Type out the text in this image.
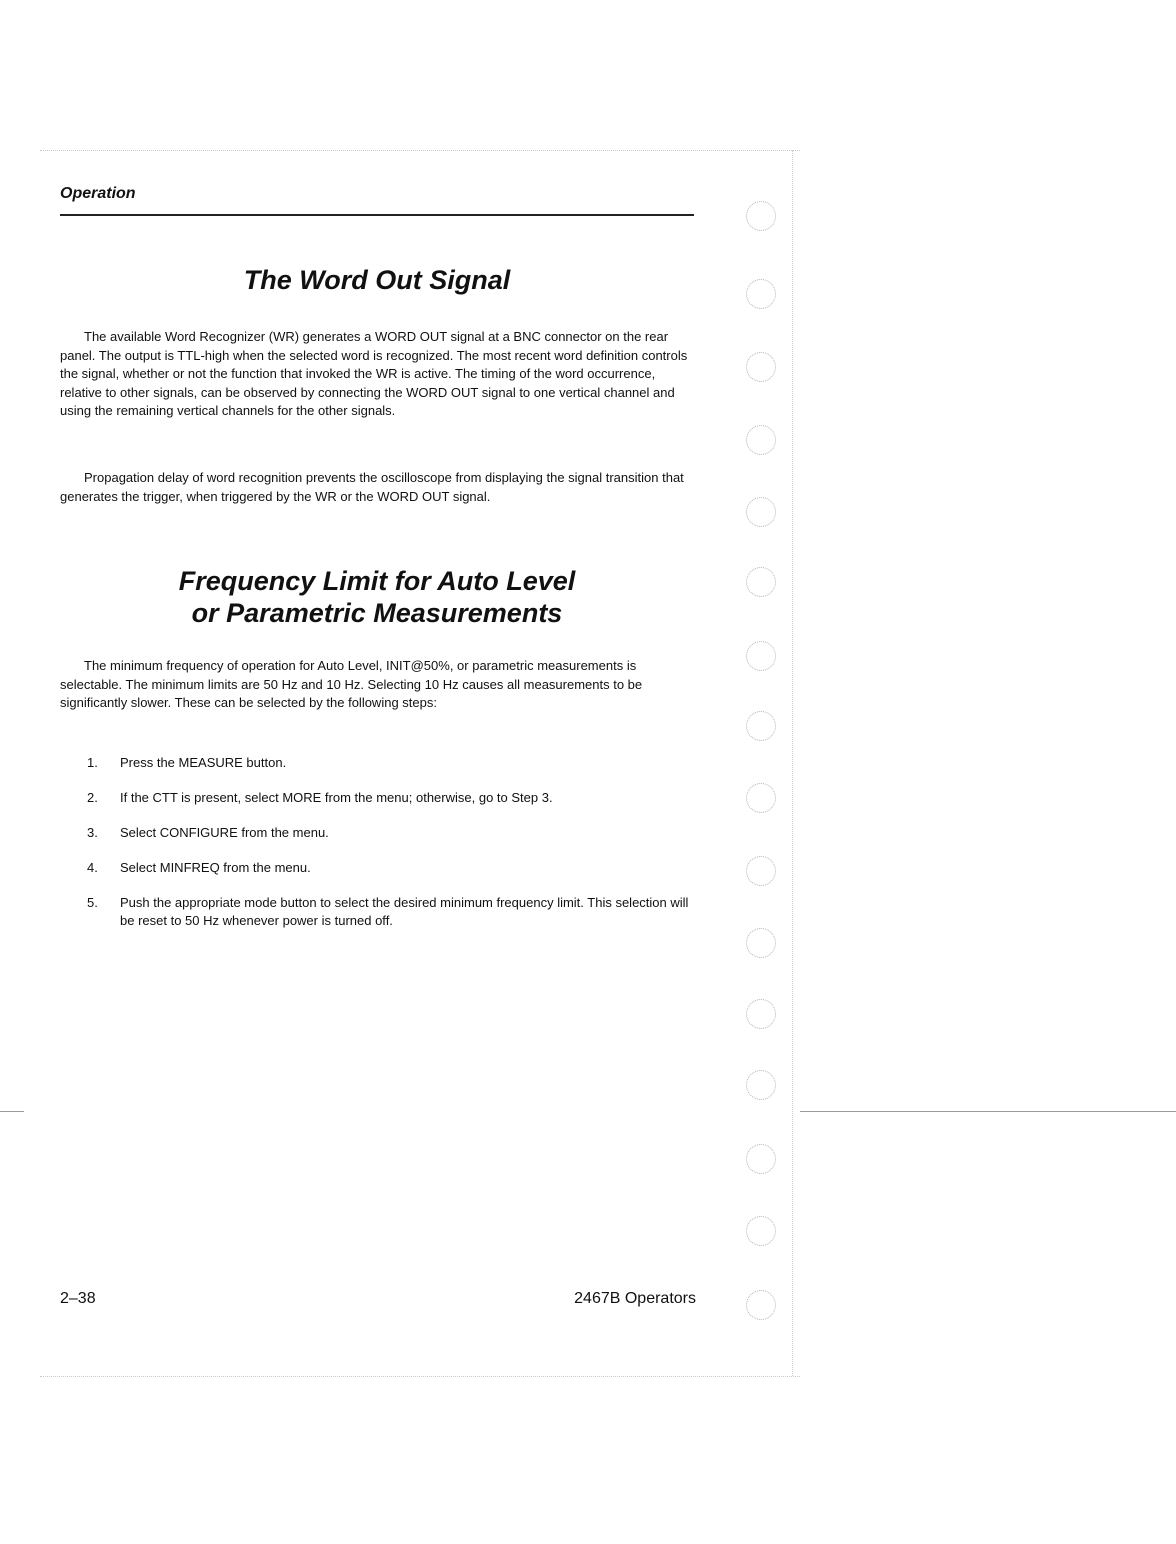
Operation

The Word Out Signal

The available Word Recognizer (WR) generates a WORD OUT signal at a BNC connector on the rear panel. The output is TTL-high when the selected word is recognized. The most recent word definition controls the signal, whether or not the function that invoked the WR is active. The timing of the word occurrence, relative to other signals, can be observed by connecting the WORD OUT signal to one vertical channel and using the remaining vertical channels for the other signals.

Propagation delay of word recognition prevents the oscilloscope from displaying the signal transition that generates the trigger, when triggered by the WR or the WORD OUT signal.

Frequency Limit for Auto Level
or Parametric Measurements

The minimum frequency of operation for Auto Level, INIT@50%, or parametric measurements is selectable. The minimum limits are 50 Hz and 10 Hz. Selecting 10 Hz causes all measurements to be significantly slower. These can be selected by the following steps:

1.	Press the MEASURE button.
2.	If the CTT is present, select MORE from the menu; otherwise, go to Step 3.
3.	Select CONFIGURE from the menu.
4.	Select MINFREQ from the menu.
5.	Push the appropriate mode button to select the desired minimum frequency limit. This selection will be reset to 50 Hz whenever power is turned off.

2–38	2467B Operators
